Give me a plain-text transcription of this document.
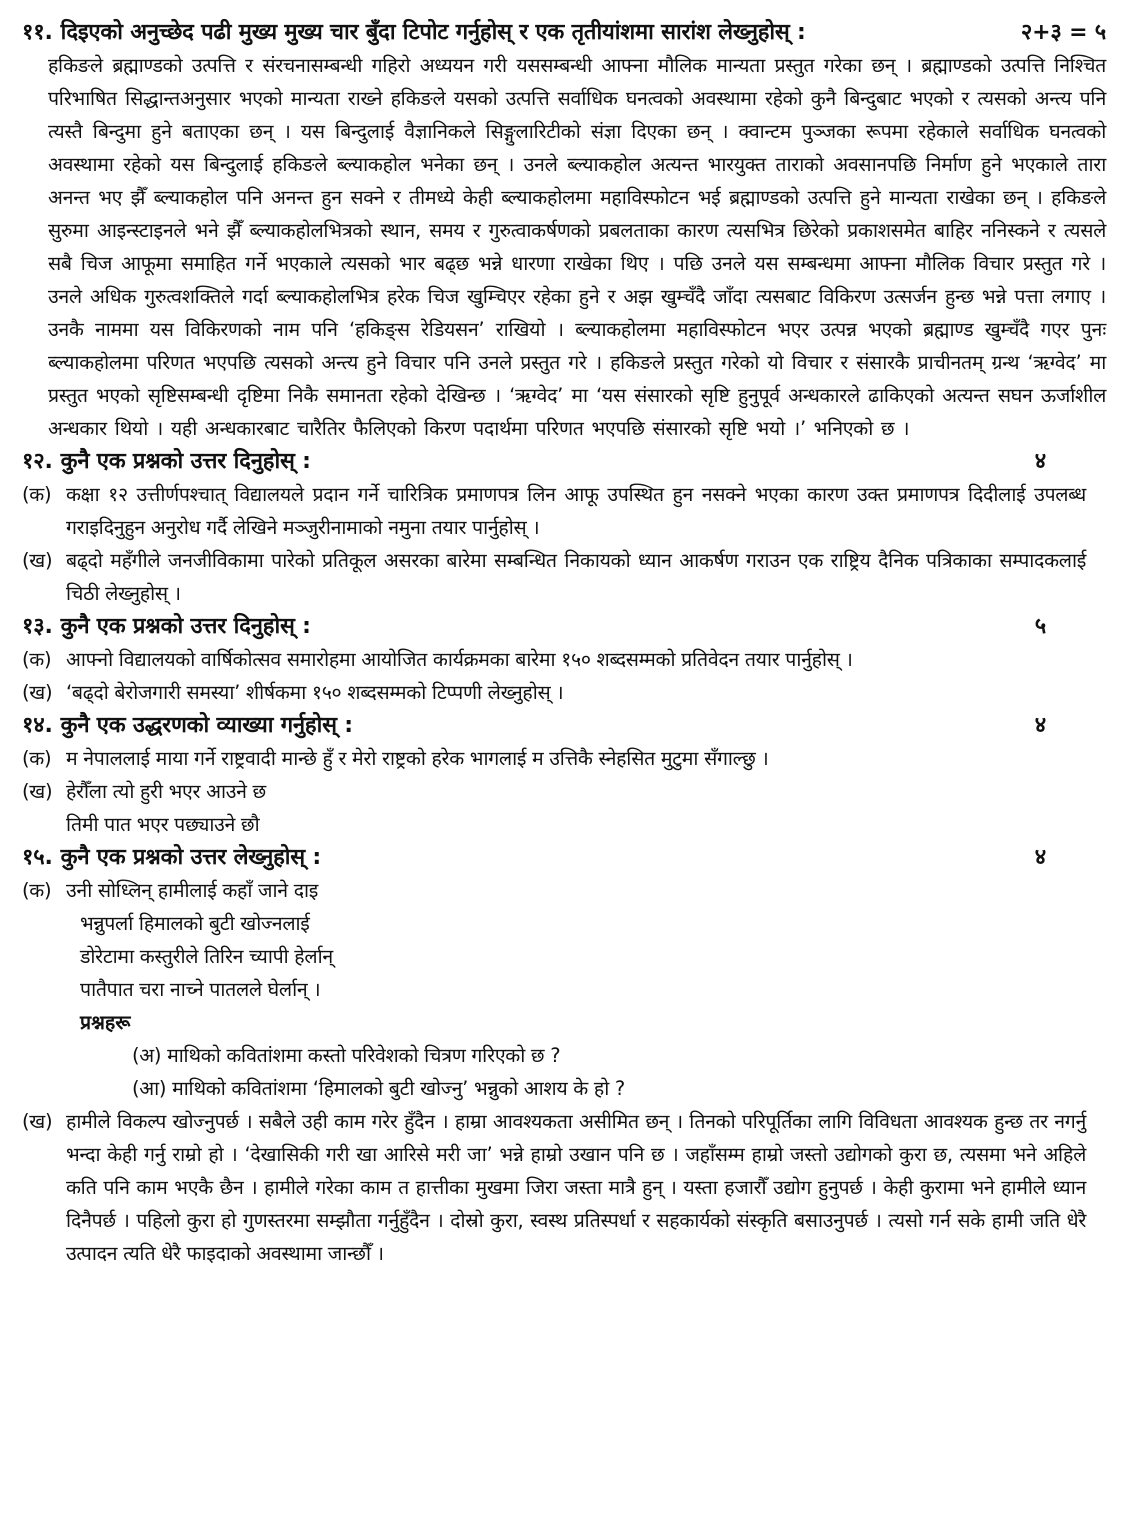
११. दिइएको अनुच्छेद पढी मुख्य मुख्य चार बुँदा टिपोट गर्नुहोस् र एक तृतीयांशमा सारांश लेख्नुहोस् :	२+३ = ५

हकिङले ब्रह्माण्डको उत्पत्ति र संरचनासम्बन्धी गहिरो अध्ययन गरी यससम्बन्धी आफ्ना मौलिक मान्यता प्रस्तुत गरेका छन् । ब्रह्माण्डको उत्पत्ति निश्चित परिभाषित सिद्धान्तअनुसार भएको मान्यता राख्ने हकिङले यसको उत्पत्ति सर्वाधिक घनत्वको अवस्थामा रहेको कुनै बिन्दुबाट भएको र त्यसको अन्त्य पनि त्यस्तै बिन्दुमा हुने बताएका छन् । यस बिन्दुलाई वैज्ञानिकले सिङ्गुलारिटीको संज्ञा दिएका छन् । क्वान्टम पुञ्जका रूपमा रहेकाले सर्वाधिक घनत्वको अवस्थामा रहेको यस बिन्दुलाई हकिङले ब्ल्याकहोल भनेका छन् । उनले ब्ल्याकहोल अत्यन्त भारयुक्त ताराको अवसानपछि निर्माण हुने भएकाले तारा अनन्त भए झैँ ब्ल्याकहोल पनि अनन्त हुन सक्ने र तीमध्ये केही ब्ल्याकहोलमा महाविस्फोटन भई ब्रह्माण्डको उत्पत्ति हुने मान्यता राखेका छन् । हकिङले सुरुमा आइन्स्टाइनले भने झैँ ब्ल्याकहोलभित्रको स्थान, समय र गुरुत्वाकर्षणको प्रबलताका कारण त्यसभित्र छिरेको प्रकाशसमेत बाहिर ननिस्कने र त्यसले सबै चिज आफूमा समाहित गर्ने भएकाले त्यसको भार बढ्छ भन्ने धारणा राखेका थिए । पछि उनले यस सम्बन्धमा आफ्ना मौलिक विचार प्रस्तुत गरे । उनले अधिक गुरुत्वशक्तिले गर्दा ब्ल्याकहोलभित्र हरेक चिज खुम्चिएर रहेका हुने र अझ खुम्चँदै जाँदा त्यसबाट विकिरण उत्सर्जन हुन्छ भन्ने पत्ता लगाए । उनकै नाममा यस विकिरणको नाम पनि ‘हकिङ्स रेडियसन’ राखियो । ब्ल्याकहोलमा महाविस्फोटन भएर उत्पन्न भएको ब्रह्माण्ड खुम्चँदै गएर पुनः ब्ल्याकहोलमा परिणत भएपछि त्यसको अन्त्य हुने विचार पनि उनले प्रस्तुत गरे । हकिङले प्रस्तुत गरेको यो विचार र संसारकै प्राचीनतम् ग्रन्थ ‘ऋग्वेद’ मा प्रस्तुत भएको सृष्टिसम्बन्धी दृष्टिमा निकै समानता रहेको देखिन्छ । ‘ऋग्वेद’ मा ‘यस संसारको सृष्टि हुनुपूर्व अन्धकारले ढाकिएको अत्यन्त सघन ऊर्जाशील अन्धकार थियो । यही अन्धकारबाट चारैतिर फैलिएको किरण पदार्थमा परिणत भएपछि संसारको सृष्टि भयो ।’ भनिएको छ ।

१२. कुनै एक प्रश्नको उत्तर दिनुहोस् :	४
(क) कक्षा १२ उत्तीर्णपश्चात् विद्यालयले प्रदान गर्ने चारित्रिक प्रमाणपत्र लिन आफू उपस्थित हुन नसक्ने भएका कारण उक्त प्रमाणपत्र दिदीलाई उपलब्ध गराइदिनुहुन अनुरोध गर्दै लेखिने मञ्जुरीनामाको नमुना तयार पार्नुहोस् ।
(ख) बढ्दो महँगीले जनजीविकामा पारेको प्रतिकूल असरका बारेमा सम्बन्धित निकायको ध्यान आकर्षण गराउन एक राष्ट्रिय दैनिक पत्रिकाका सम्पादकलाई चिठी लेख्नुहोस् ।
१३. कुनै एक प्रश्नको उत्तर दिनुहोस् :	५
(क) आफ्नो विद्यालयको वार्षिकोत्सव समारोहमा आयोजित कार्यक्रमका बारेमा १५० शब्दसम्मको प्रतिवेदन तयार पार्नुहोस् ।
(ख) ‘बढ्दो बेरोजगारी समस्या’ शीर्षकमा १५० शब्दसम्मको टिप्पणी लेख्नुहोस् ।
१४. कुनै एक उद्धरणको व्याख्या गर्नुहोस् :	४
(क) म नेपाललाई माया गर्ने राष्ट्रवादी मान्छे हुँ र मेरो राष्ट्रको हरेक भागलाई म उत्तिकै स्नेहसित मुटुमा सँगाल्छु ।
(ख) हेरौँला त्यो हुरी भएर आउने छ
तिमी पात भएर पछ्याउने छौ
१५. कुनै एक प्रश्नको उत्तर लेख्नुहोस् :	४
(क) उनी सोध्लिन् हामीलाई कहाँ जाने दाइ
भन्नुपर्ला हिमालको बुटी खोज्नलाई
डोरेटामा कस्तुरीले तिरिन च्यापी हेर्लान्
पातैपात चरा नाच्ने पातलले घेर्लान् ।
प्रश्नहरू
(अ) माथिको कवितांशमा कस्तो परिवेशको चित्रण गरिएको छ ?
(आ) माथिको कवितांशमा ‘हिमालको बुटी खोज्नु’ भन्नुको आशय के हो ?
(ख) हामीले विकल्प खोज्नुपर्छ । सबैले उही काम गरेर हुँदैन । हाम्रा आवश्यकता असीमित छन् । तिनको परिपूर्तिका लागि विविधता आवश्यक हुन्छ तर नगर्नु भन्दा केही गर्नु राम्रो हो । ‘देखासिकी गरी खा आरिसे मरी जा’ भन्ने हाम्रो उखान पनि छ । जहाँसम्म हाम्रो जस्तो उद्योगको कुरा छ, त्यसमा भने अहिले कति पनि काम भएकै छैन । हामीले गरेका काम त हात्तीका मुखमा जिरा जस्ता मात्रै हुन् । यस्ता हजारौँ उद्योग हुनुपर्छ । केही कुरामा भने हामीले ध्यान दिनैपर्छ । पहिलो कुरा हो गुणस्तरमा सम्झौता गर्नुहुँदैन । दोस्रो कुरा, स्वस्थ प्रतिस्पर्धा र सहकार्यको संस्कृति बसाउनुपर्छ । त्यसो गर्न सके हामी जति धेरै उत्पादन त्यति धेरै फाइदाको अवस्थामा जान्छौँ ।
